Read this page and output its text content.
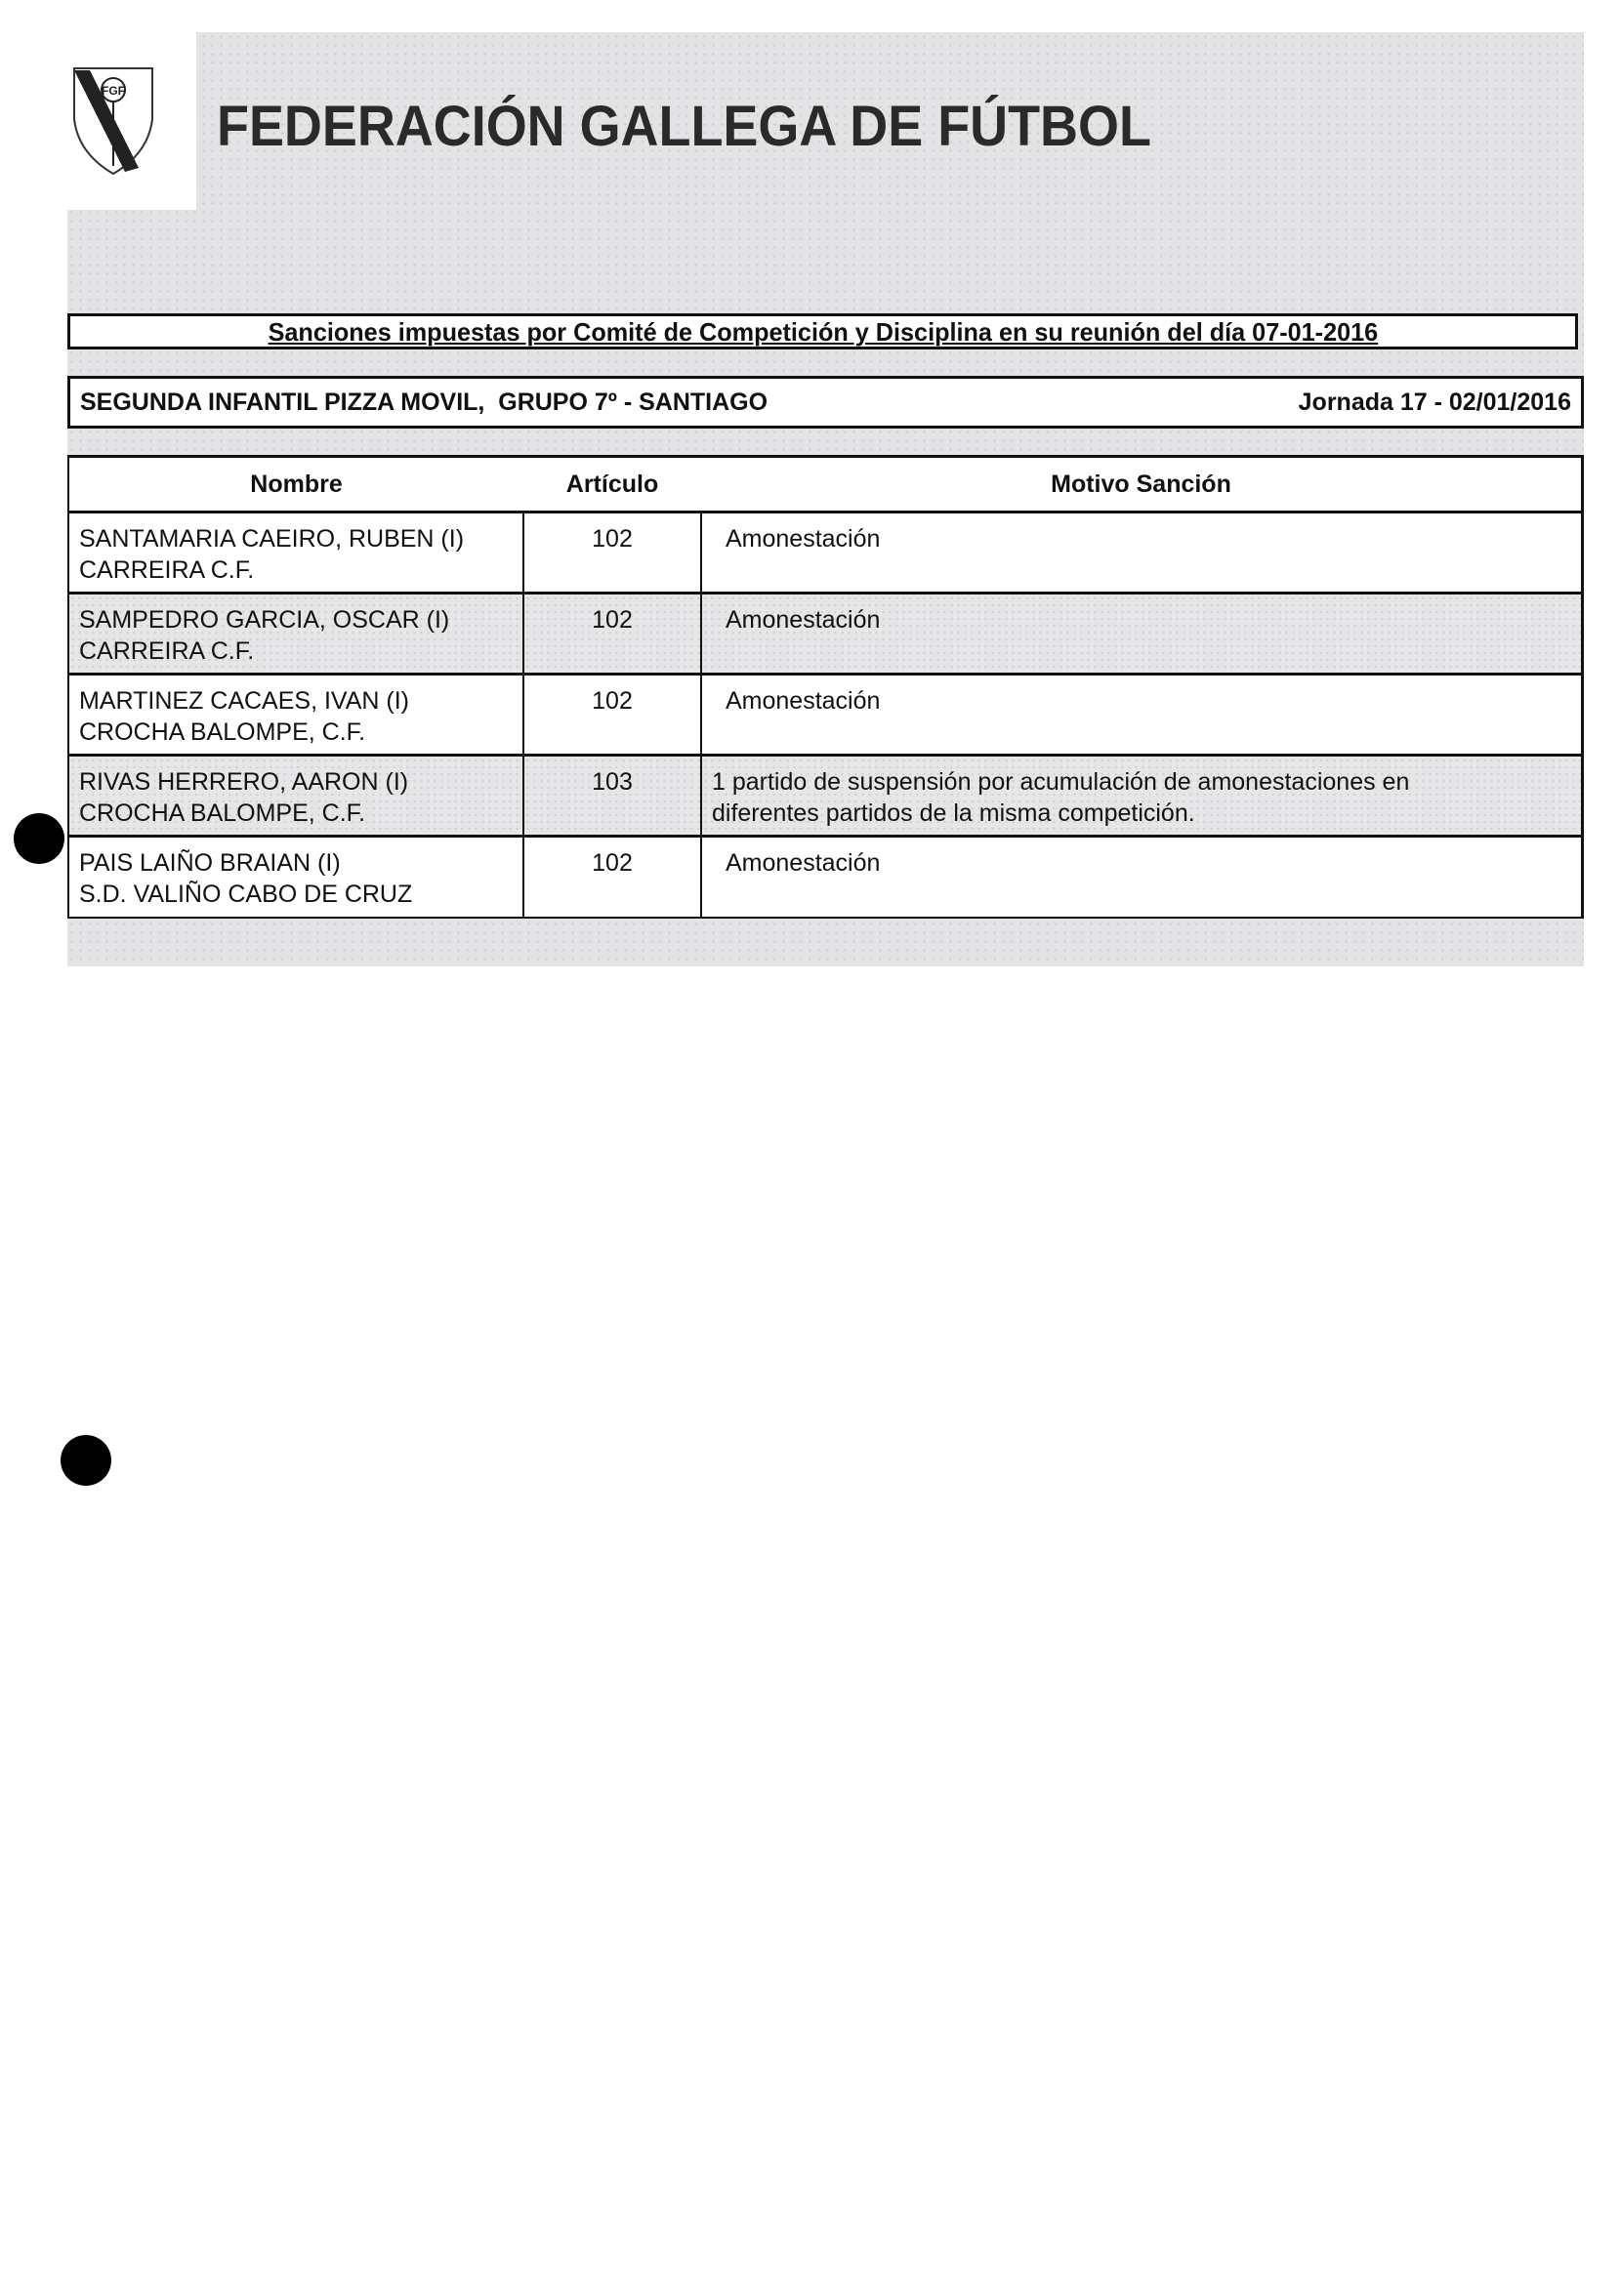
FGF
FEDERACIÓN GALLEGA DE FÚTBOL
Sanciones impuestas por Comité de Competición y Disciplina en su reunión del día 07-01-2016
SEGUNDA INFANTIL PIZZA MOVIL,  GRUPO 7º - SANTIAGO	Jornada 17 - 02/01/2016
Nombre	Artículo	Motivo Sanción

SANTAMARIA CAEIRO, RUBEN (I)
CARREIRA C.F.	102	Amonestación

SAMPEDRO GARCIA, OSCAR (I)
CARREIRA C.F.	102	Amonestación

MARTINEZ CACAES, IVAN (I)
CROCHA BALOMPE, C.F.	102	Amonestación

RIVAS HERRERO, AARON (I)
CROCHA BALOMPE, C.F.	103	1 partido de suspensión por acumulación de amonestaciones en diferentes partidos de la misma competición.

PAIS LAIÑO BRAIAN (I)
S.D. VALIÑO CABO DE CRUZ	102	Amonestación
